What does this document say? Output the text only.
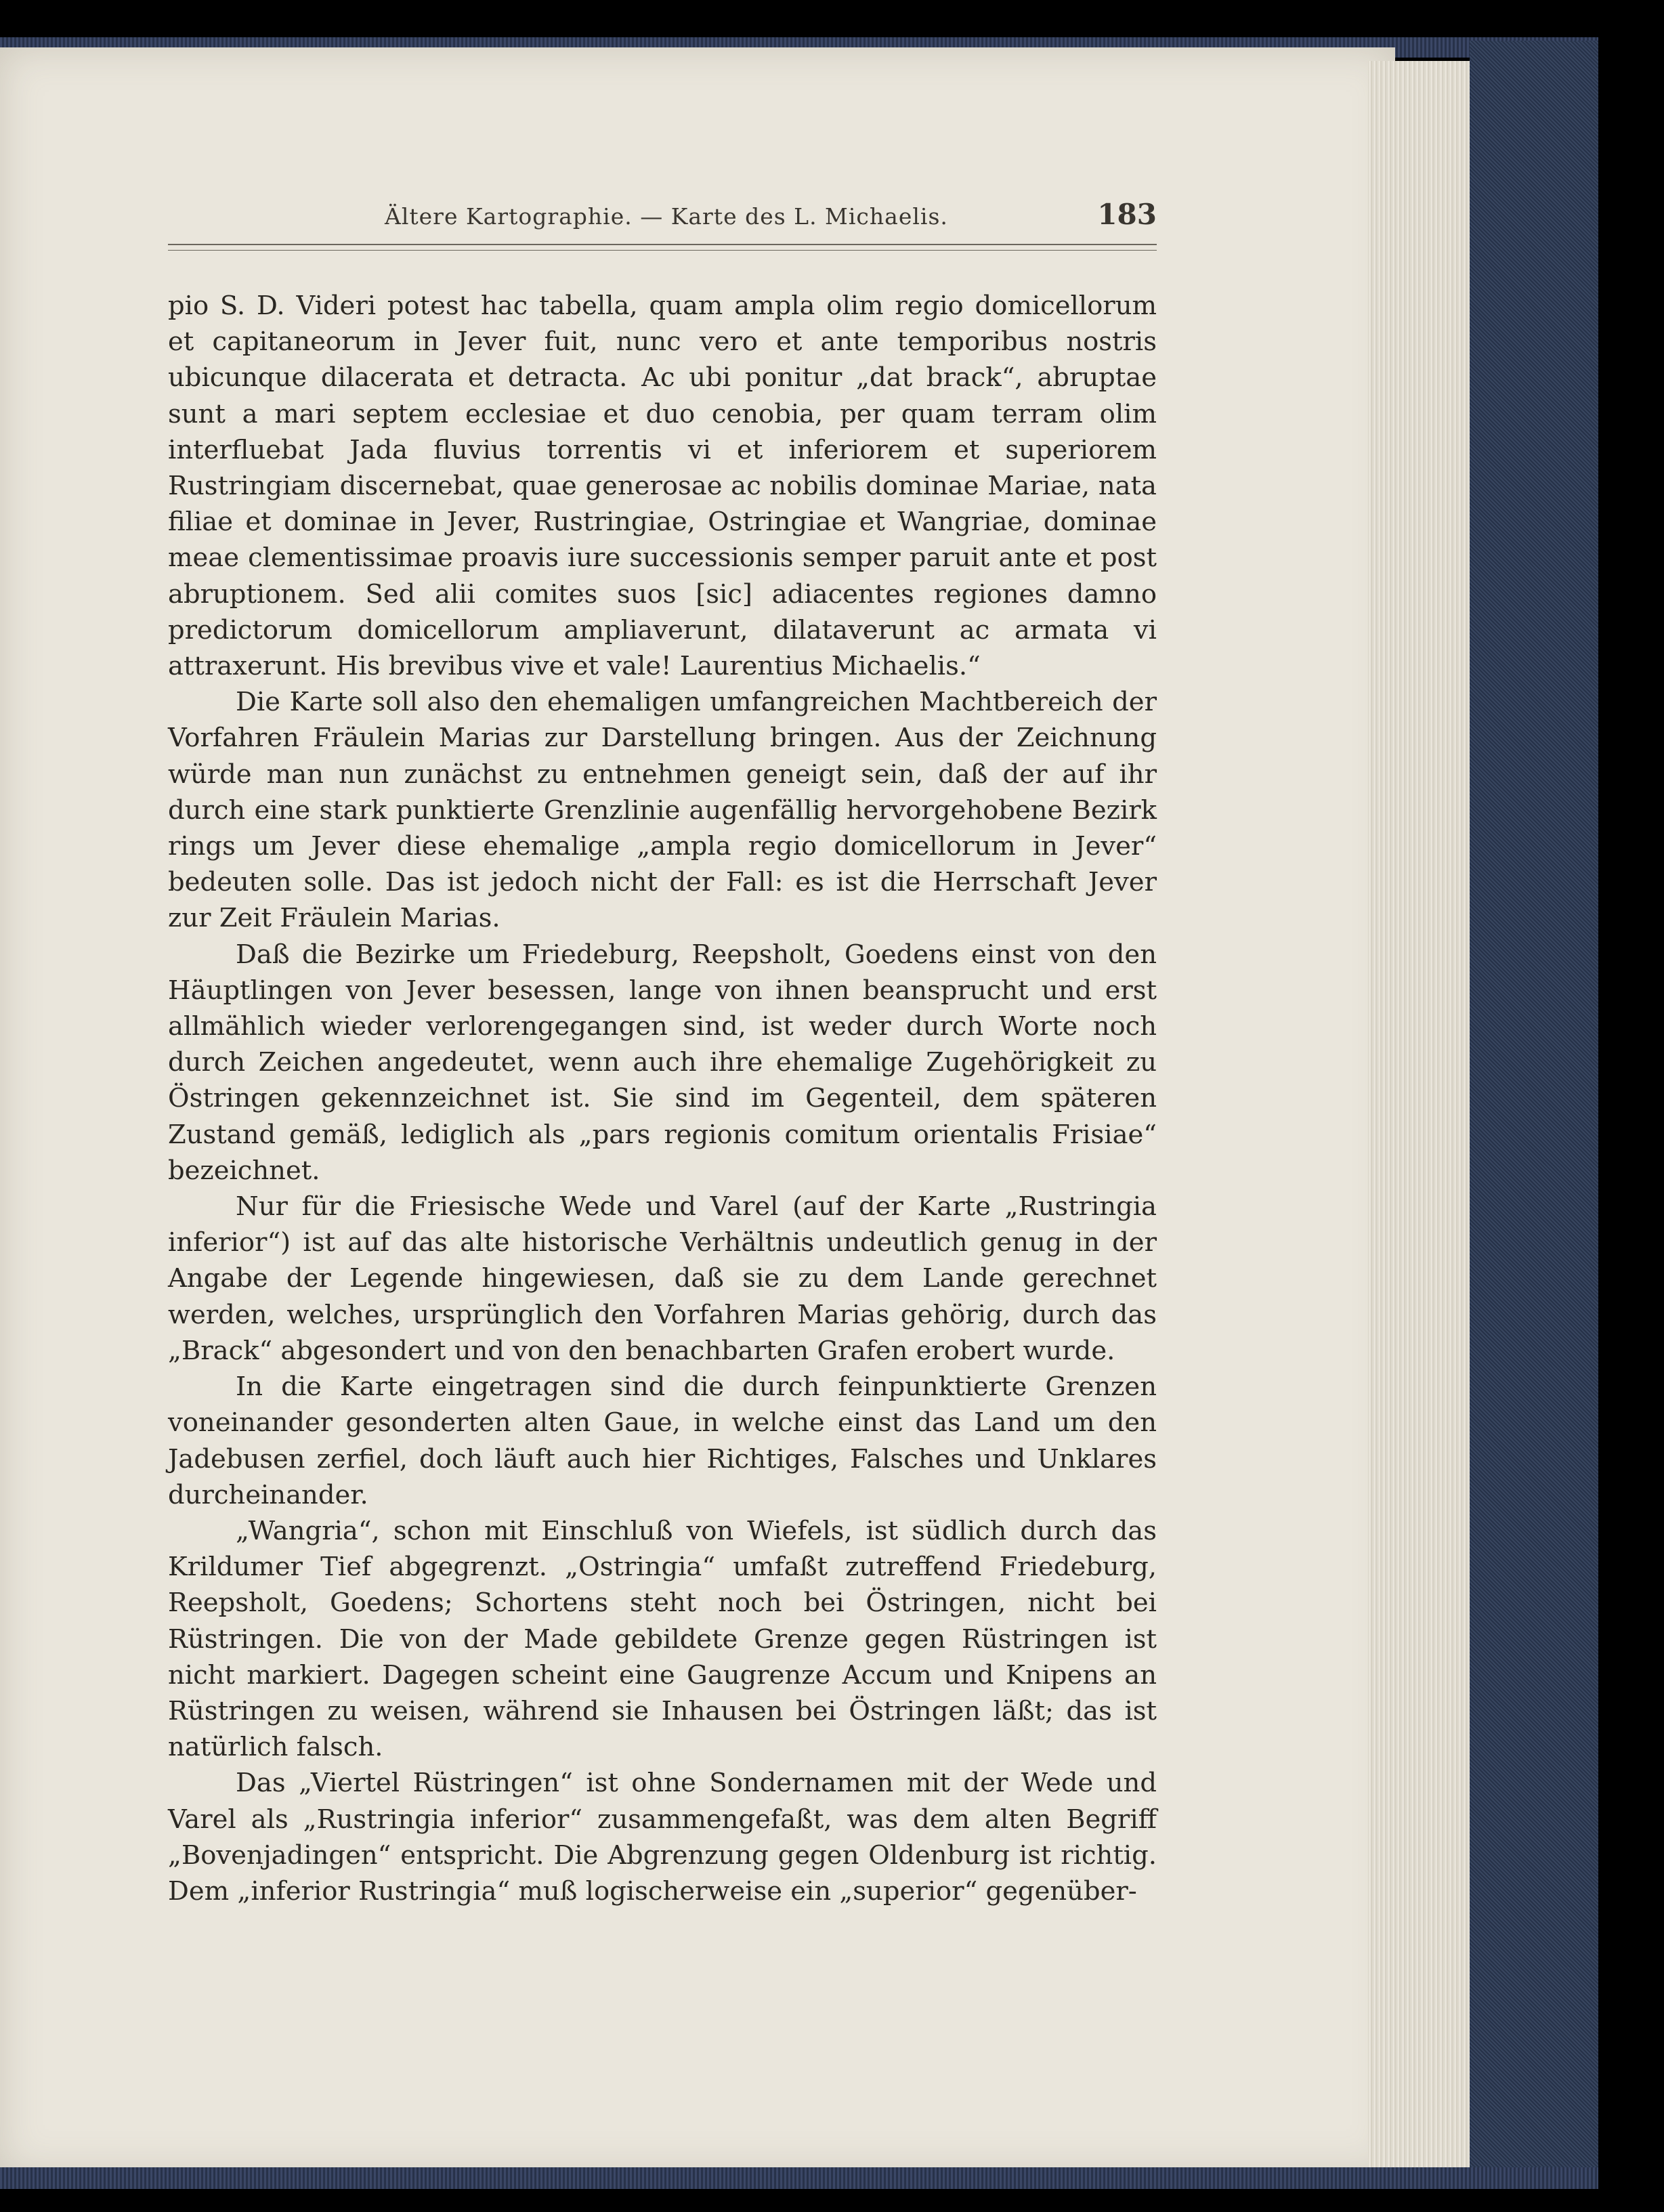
Ältere Kartographie. — Karte des L. Michaelis.	183

pio S. D. Videri potest hac tabella, quam ampla olim regio domicellorum et capitaneorum in Jever fuit, nunc vero et ante temporibus nostris ubicunque dilacerata et detracta. Ac ubi ponitur „dat brack“, abruptae sunt a mari septem ecclesiae et duo cenobia, per quam terram olim interfluebat Jada fluvius torrentis vi et inferiorem et superiorem Rustringiam discernebat, quae generosae ac nobilis dominae Mariae, nata filiae et dominae in Jever, Rustringiae, Ostringiae et Wangriae, dominae meae clementissimae proavis iure successionis semper paruit ante et post abruptionem. Sed alii comites suos [sic] adiacentes regiones damno predictorum domicellorum ampliaverunt, dilataverunt ac armata vi attraxerunt. His brevibus vive et vale! Laurentius Michaelis.“

Die Karte soll also den ehemaligen umfangreichen Machtbereich der Vorfahren Fräulein Marias zur Darstellung bringen. Aus der Zeichnung würde man nun zunächst zu entnehmen geneigt sein, daß der auf ihr durch eine stark punktierte Grenzlinie augenfällig hervorgehobene Bezirk rings um Jever diese ehemalige „ampla regio domicellorum in Jever“ bedeuten solle. Das ist jedoch nicht der Fall: es ist die Herrschaft Jever zur Zeit Fräulein Marias.

Daß die Bezirke um Friedeburg, Reepsholt, Goedens einst von den Häuptlingen von Jever besessen, lange von ihnen beansprucht und erst allmählich wieder verlorengegangen sind, ist weder durch Worte noch durch Zeichen angedeutet, wenn auch ihre ehemalige Zugehörigkeit zu Östringen gekennzeichnet ist. Sie sind im Gegenteil, dem späteren Zustand gemäß, lediglich als „pars regionis comitum orientalis Frisiae“ bezeichnet.

Nur für die Friesische Wede und Varel (auf der Karte „Rustringia inferior“) ist auf das alte historische Verhältnis undeutlich genug in der Angabe der Legende hingewiesen, daß sie zu dem Lande gerechnet werden, welches, ursprünglich den Vorfahren Marias gehörig, durch das „Brack“ abgesondert und von den benachbarten Grafen erobert wurde.

In die Karte eingetragen sind die durch feinpunktierte Grenzen voneinander gesonderten alten Gaue, in welche einst das Land um den Jadebusen zerfiel, doch läuft auch hier Richtiges, Falsches und Unklares durcheinander.

„Wangria“, schon mit Einschluß von Wiefels, ist südlich durch das Krildumer Tief abgegrenzt. „Ostringia“ umfaßt zutreffend Friedeburg, Reepsholt, Goedens; Schortens steht noch bei Östringen, nicht bei Rüstringen. Die von der Made gebildete Grenze gegen Rüstringen ist nicht markiert. Dagegen scheint eine Gaugrenze Accum und Knipens an Rüstringen zu weisen, während sie Inhausen bei Östringen läßt; das ist natürlich falsch.

Das „Viertel Rüstringen“ ist ohne Sondernamen mit der Wede und Varel als „Rustringia inferior“ zusammengefaßt, was dem alten Begriff „Bovenjadingen“ entspricht. Die Abgrenzung gegen Oldenburg ist richtig. Dem „inferior Rustringia“ muß logischerweise ein „superior“ gegenüber-
